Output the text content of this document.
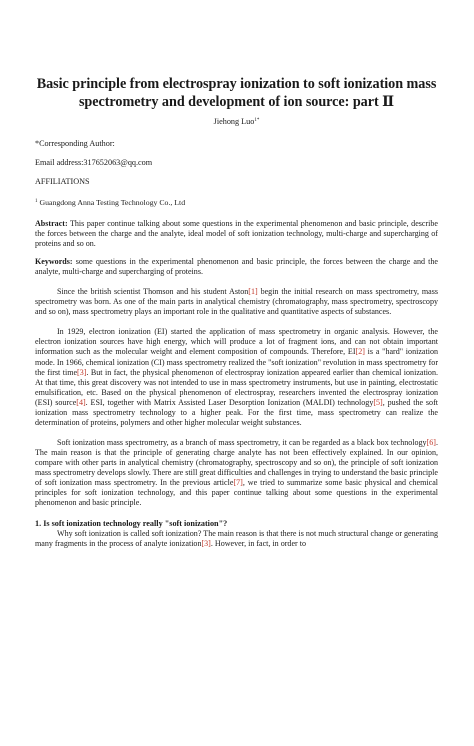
Basic principle from electrospray ionization to soft ionization mass spectrometry and development of ion source: part Ⅱ
Jiehong Luo$^{1*}$
*Corresponding Author:
Email address:317652063@qq.com
AFFILIATIONS
$^1$ Guangdong Anna Testing Technology Co., Ltd

Abstract: This paper continue talking about some questions in the experimental phenomenon and basic principle, describe the forces between the charge and the analyte, ideal model of soft ionization technology, multi-charge and supercharging of proteins and so on.

Keywords: some questions in the experimental phenomenon and basic principle, the forces between the charge and the analyte, multi-charge and supercharging of proteins.

Since the british scientist Thomson and his student Aston[1] begin the initial research on mass spectrometry, mass spectrometry was born. As one of the main parts in analytical chemistry (chromatography, mass spectrometry, spectroscopy and so on), mass spectrometry plays an important role in the qualitative and quantitative aspects of substances.

In 1929, electron ionization (EI) started the application of mass spectrometry in organic analysis. However, the electron ionization sources have high energy, which will produce a lot of fragment ions, and can not obtain important information such as the molecular weight and element composition of compounds. Therefore, EI[2] is a "hard" ionization mode. In 1966, chemical ionization (CI) mass spectrometry realized the "soft ionization" revolution in mass spectrometry for the first time[3]. But in fact, the physical phenomenon of electrospray ionization appeared earlier than chemical ionization. At that time, this great discovery was not intended to use in mass spectrometry instruments, but use in painting, electrostatic emulsification, etc. Based on the physical phenomenon of electrospray, researchers invented the electrospray ionization (ESI) source[4]. ESI, together with Matrix Assisted Laser Desorption Ionization (MALDI) technology[5], pushed the soft ionization mass spectrometry technology to a higher peak. For the first time, mass spectrometry can realize the determination of proteins, polymers and other higher molecular weight substances.

Soft ionization mass spectrometry, as a branch of mass spectrometry, it can be regarded as a black box technology[6]. The main reason is that the principle of generating charge analyte has not been effectively explained. In our opinion, compare with other parts in analytical chemistry (chromatography, spectroscopy and so on), the principle of soft ionization mass spectrometry develops slowly. There are still great difficulties and challenges in trying to understand the basic principle of soft ionization mass spectrometry. In the previous article[7], we tried to summarize some basic physical and chemical principles for soft ionization technology, and this paper continue talking about some questions in the experimental phenomenon and basic principle.

1. Is soft ionization technology really "soft ionization"?

Why soft ionization is called soft ionization? The main reason is that there is not much structural change or generating many fragments in the process of analyte ionization[3]. However, in fact, in order to
